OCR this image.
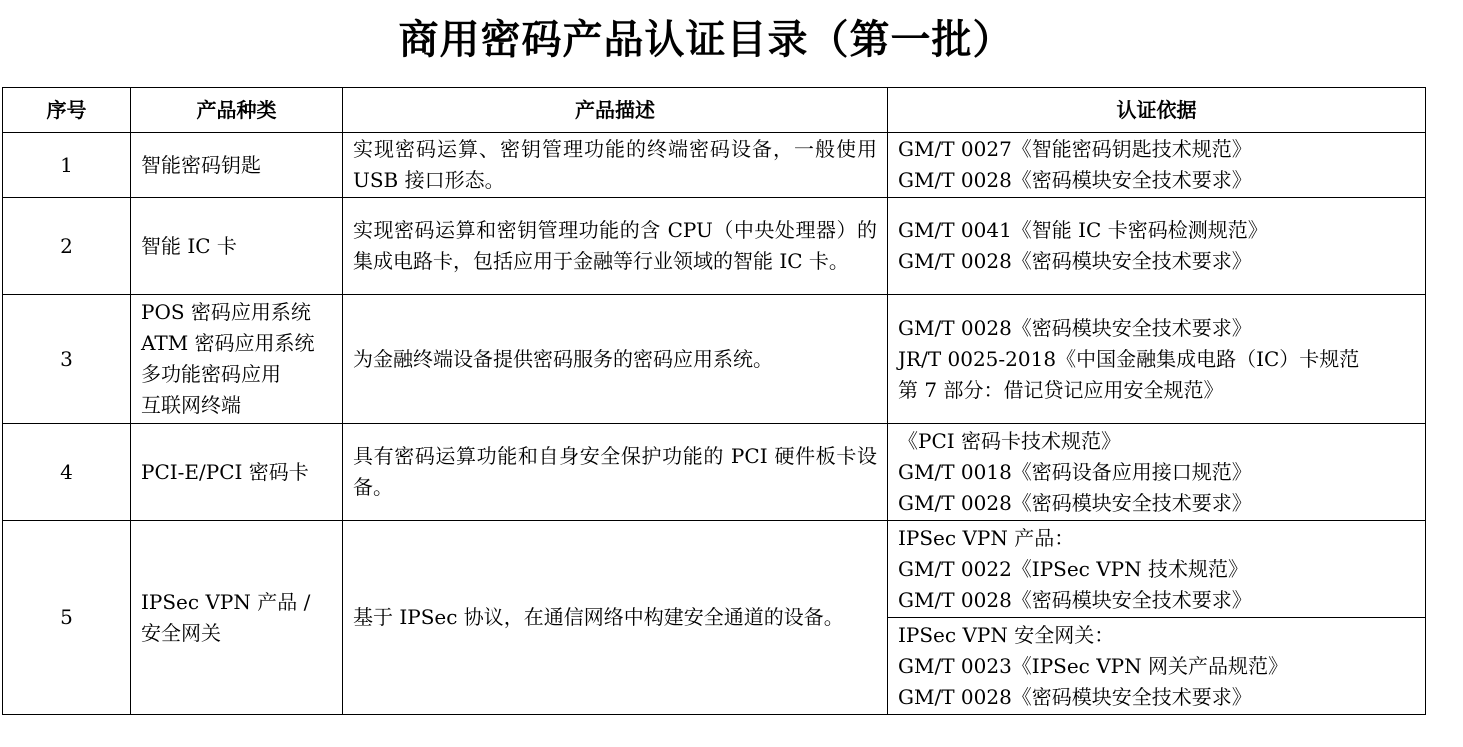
商用密码产品认证目录（第一批）
序号	产品种类	产品描述	认证依据
1	智能密码钥匙	实现密码运算、密钥管理功能的终端密码设备，一般使用 USB 接口形态。	GM/T 0027《智能密码钥匙技术规范》
GM/T 0028《密码模块安全技术要求》

2	智能 IC 卡	实现密码运算和密钥管理功能的含 CPU（中央处理器）的集成电路卡，包括应用于金融等行业领域的智能 IC 卡。	GM/T 0041《智能 IC 卡密码检测规范》
GM/T 0028《密码模块安全技术要求》

3	POS 密码应用系统
ATM 密码应用系统
多功能密码应用
互联网终端	为金融终端设备提供密码服务的密码应用系统。	GM/T 0028《密码模块安全技术要求》
JR/T 0025-2018《中国金融集成电路（IC）卡规范
第 7 部分：借记贷记应用安全规范》

4	PCI-E/PCI 密码卡	具有密码运算功能和自身安全保护功能的 PCI 硬件板卡设备。	《PCI 密码卡技术规范》
GM/T 0018《密码设备应用接口规范》
GM/T 0028《密码模块安全技术要求》

5	IPSec VPN 产品 /
安全网关	基于 IPSec 协议，在通信网络中构建安全通道的设备。	IPSec VPN 产品：
GM/T 0022《IPSec VPN 技术规范》
GM/T 0028《密码模块安全技术要求》

			IPSec VPN 安全网关：
GM/T 0023《IPSec VPN 网关产品规范》
GM/T 0028《密码模块安全技术要求》
